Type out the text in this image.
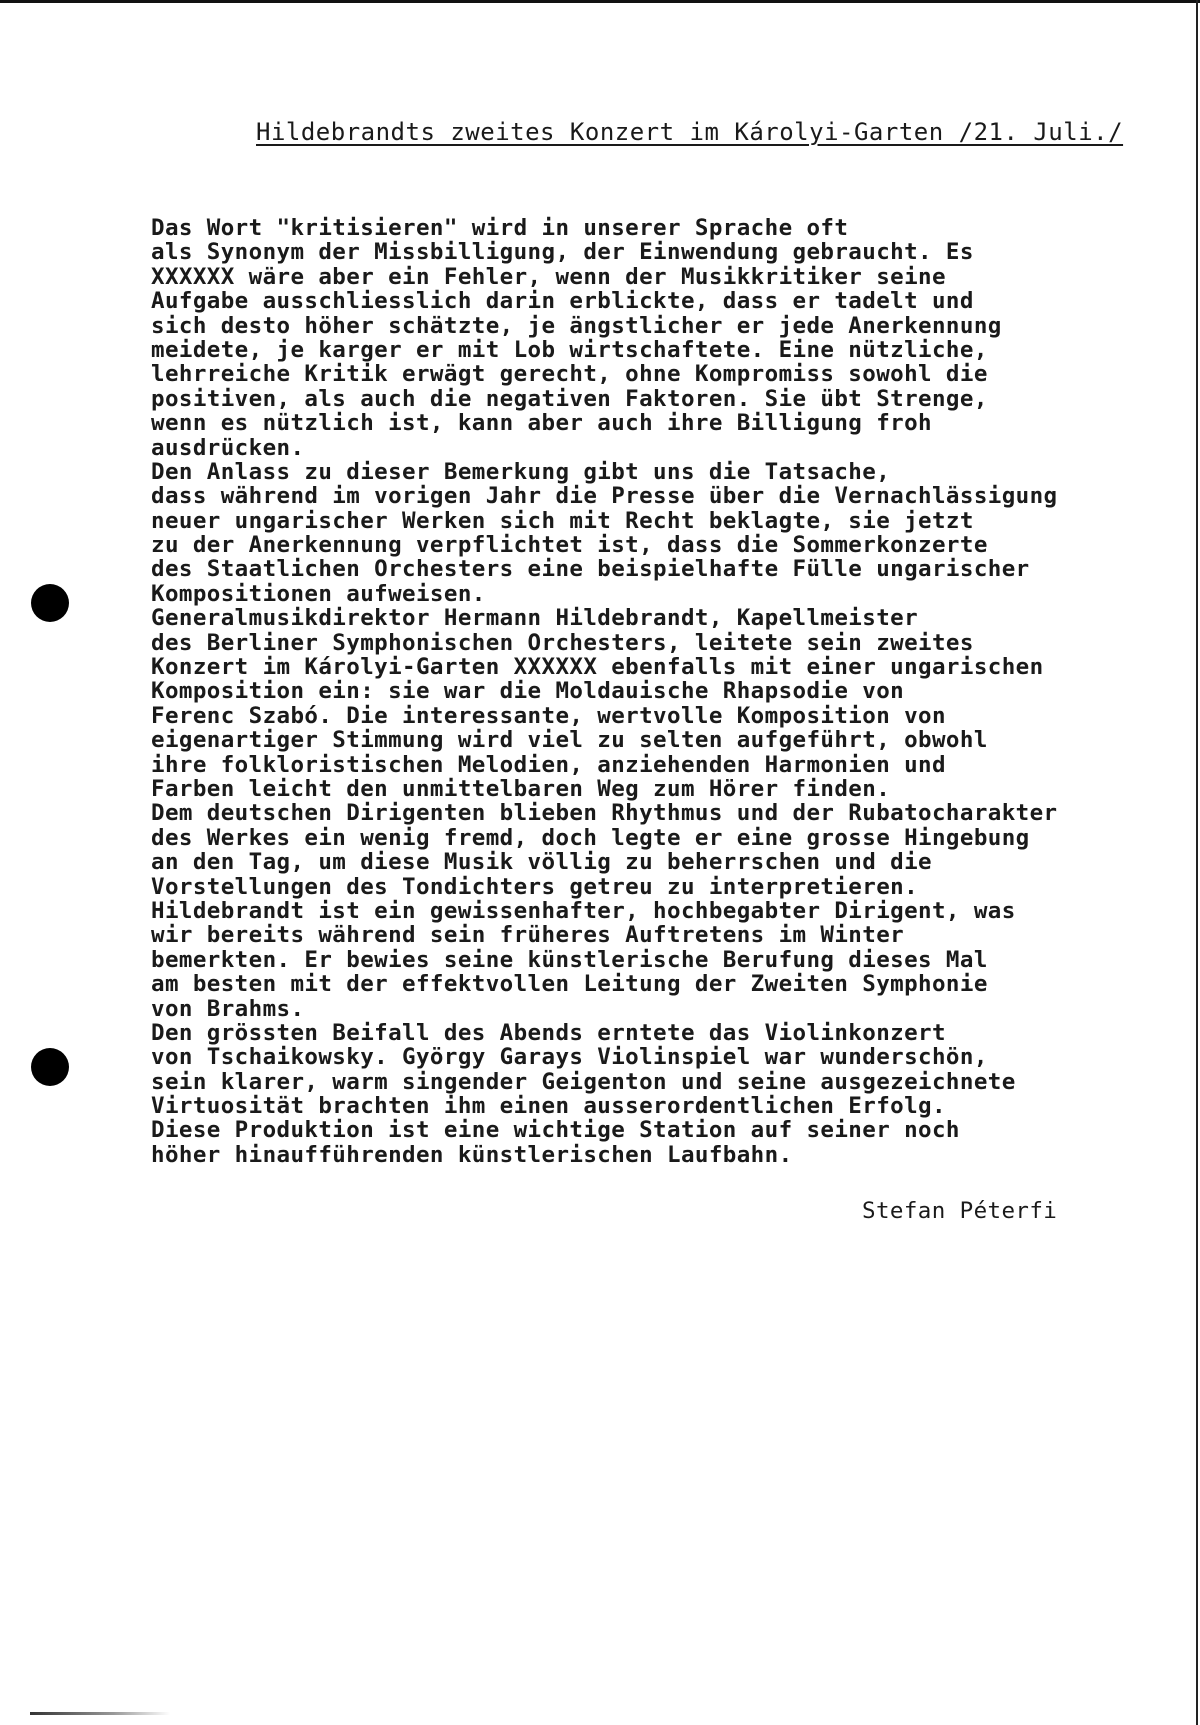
Hildebrandts zweites Konzert im Károlyi-Garten /21. Juli./
Das Wort "kritisieren" wird in unserer Sprache oft
als Synonym der Missbilligung, der Einwendung gebraucht. Es
XXXXXX wäre aber ein Fehler, wenn der Musikkritiker seine
Aufgabe ausschliesslich darin erblickte, dass er tadelt und
sich desto höher schätzte, je ängstlicher er jede Anerkennung
meidete, je karger er mit Lob wirtschaftete. Eine nützliche,
lehrreiche Kritik erwägt gerecht, ohne Kompromiss sowohl die
positiven, als auch die negativen Faktoren. Sie übt Strenge,
wenn es nützlich ist, kann aber auch ihre Billigung froh
ausdrücken.
Den Anlass zu dieser Bemerkung gibt uns die Tatsache,
dass während im vorigen Jahr die Presse über die Vernachlässigung
neuer ungarischer Werken sich mit Recht beklagte, sie jetzt
zu der Anerkennung verpflichtet ist, dass die Sommerkonzerte
des Staatlichen Orchesters eine beispielhafte Fülle ungarischer
Kompositionen aufweisen.
Generalmusikdirektor Hermann Hildebrandt, Kapellmeister
des Berliner Symphonischen Orchesters, leitete sein zweites
Konzert im Károlyi-Garten XXXXXX ebenfalls mit einer ungarischen
Komposition ein: sie war die Moldauische Rhapsodie von
Ferenc Szabó. Die interessante, wertvolle Komposition von
eigenartiger Stimmung wird viel zu selten aufgeführt, obwohl
ihre folkloristischen Melodien, anziehenden Harmonien und
Farben leicht den unmittelbaren Weg zum Hörer finden.
Dem deutschen Dirigenten blieben Rhythmus und der Rubatocharakter
des Werkes ein wenig fremd, doch legte er eine grosse Hingebung
an den Tag, um diese Musik völlig zu beherrschen und die
Vorstellungen des Tondichters getreu zu interpretieren.
Hildebrandt ist ein gewissenhafter, hochbegabter Dirigent, was
wir bereits während sein früheres Auftretens im Winter
bemerkten. Er bewies seine künstlerische Berufung dieses Mal
am besten mit der effektvollen Leitung der Zweiten Symphonie
von Brahms.
Den grössten Beifall des Abends erntete das Violinkonzert
von Tschaikowsky. György Garays Violinspiel war wunderschön,
sein klarer, warm singender Geigenton und seine ausgezeichnete
Virtuosität brachten ihm einen ausserordentlichen Erfolg.
Diese Produktion ist eine wichtige Station auf seiner noch
höher hinaufführenden künstlerischen Laufbahn.
Stefan Péterfi
